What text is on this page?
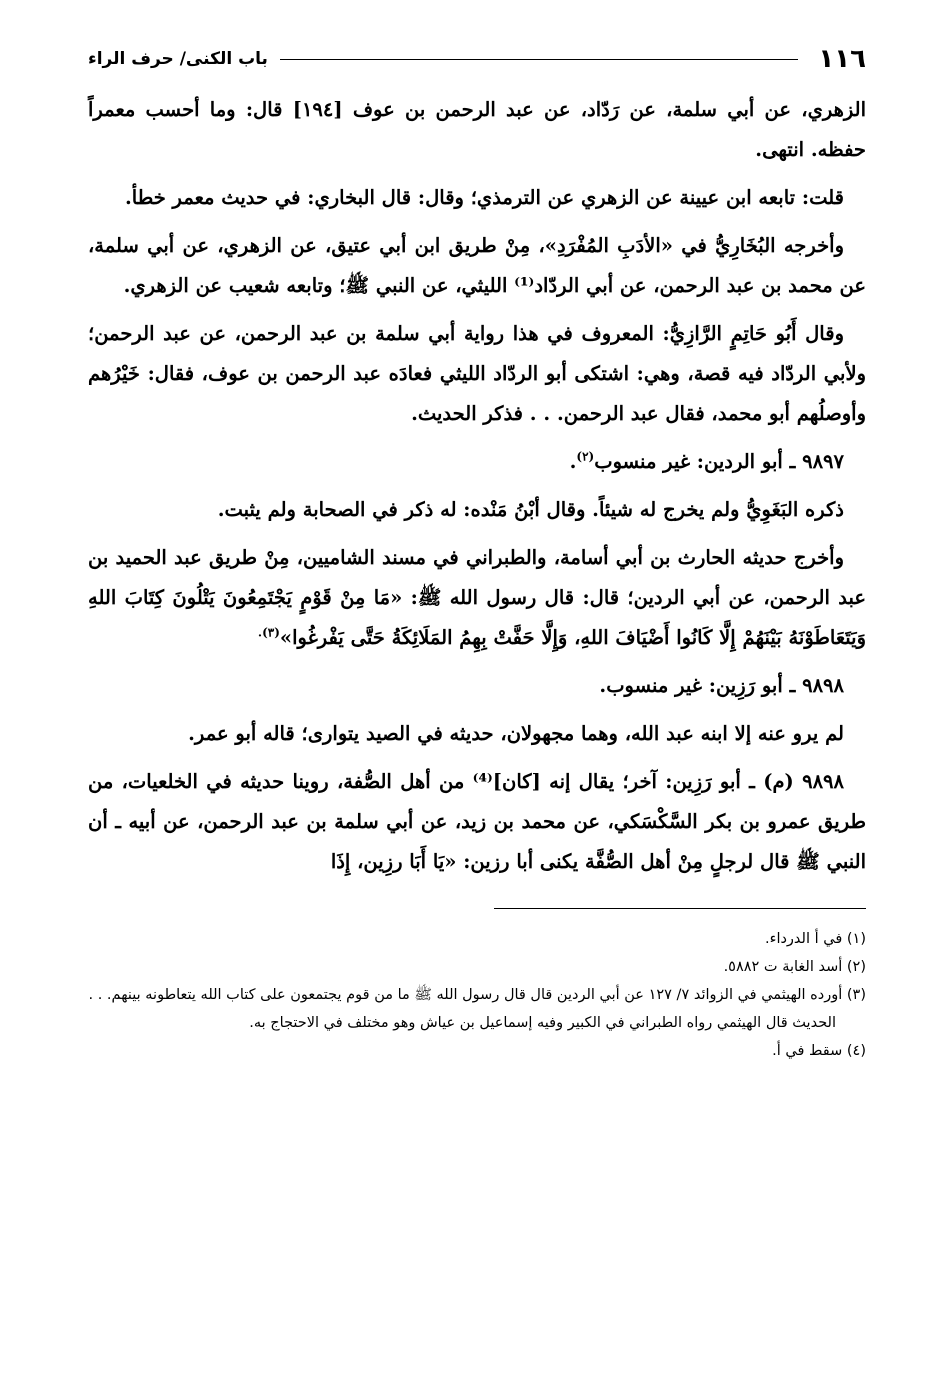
١١٦
باب الكنى/ حرف الراء

الزهري، عن أبي سلمة، عن رَدّاد، عن عبد الرحمن بن عوف [١٩٤] قال: وما أحسب معمراً حفظه. انتهى.

قلت: تابعه ابن عيينة عن الزهري عن الترمذي؛ وقال: قال البخاري: في حديث معمر خطأ.

وأخرجه البُخَارِيُّ في «الأدَبِ المُفْرَدِ»، مِنْ طريق ابن أبي عتيق، عن الزهري، عن أبي سلمة، عن محمد بن عبد الرحمن، عن أبي الردّاد⁽¹⁾ الليثي، عن النبي ﷺ؛ وتابعه شعيب عن الزهري.

وقال أَبُو حَاتِمٍ الرَّازِيُّ: المعروف في هذا رواية أبي سلمة بن عبد الرحمن، عن عبد الرحمن؛ ولأبي الردّاد فيه قصة، وهي: اشتكى أبو الردّاد الليثي فعادَه عبد الرحمن بن عوف، فقال: خَيْرُهم وأوصلُهم أبو محمد، فقال عبد الرحمن. . . فذكر الحديث.

٩٨٩٧ ـ أبو الردين: غير منسوب$^{(٢)}$.

ذكره البَغَوِيُّ ولم يخرج له شيئاً. وقال أبْنُ مَنْده: له ذكر في الصحابة ولم يثبت.

وأخرج حديثه الحارث بن أبي أسامة، والطبراني في مسند الشاميين، مِنْ طريق عبد الحميد بن عبد الرحمن، عن أبي الردين؛ قال: قال رسول الله ﷺ: «مَا مِنْ قَوْمٍ يَجْتَمِعُونَ يَتْلُونَ كِتَابَ اللهِ وَيَتَعَاطَوْنَهُ بَيْنَهُمْ إِلَّا كَانُوا أَضْيَافَ اللهِ، وَإِلَّا حَفَّتْ بِهِمُ المَلَائِكَةُ حَتَّى يَفْرغُوا»$^{(٣).}$

٩٨٩٨ ـ أبو رَزِين: غير منسوب.

لم يرو عنه إلا ابنه عبد الله، وهما مجهولان، حديثه في الصيد يتوارى؛ قاله أبو عمر.

٩٨٩٨ (م) ـ أبو رَزِين: آخر؛ يقال إنه [كان]⁽⁴⁾ من أهل الصُّفة، روينا حديثه في الخلعيات، من طريق عمرو بن بكر السَّكْسَكي، عن محمد بن زيد، عن أبي سلمة بن عبد الرحمن، عن أبيه ـ أن النبي ﷺ قال لرجلٍ مِنْ أهل الصُّفَّة يكنى أبا رزين: «يَا أَبَا رزِين، إِذَا

(١) في أ الدرداء.

(٢) أسد الغابة ت ٥٨٨٢.

(٣) أورده الهيثمي في الزوائد ٧/ ١٢٧ عن أبي الردين قال قال رسول الله ﷺ ما من قوم يجتمعون على كتاب الله يتعاطونه بينهم. . . الحديث قال الهيثمي رواه الطبراني في الكبير وفيه إسماعيل بن عياش وهو مختلف في الاحتجاج به.

(٤) سقط في أ.
